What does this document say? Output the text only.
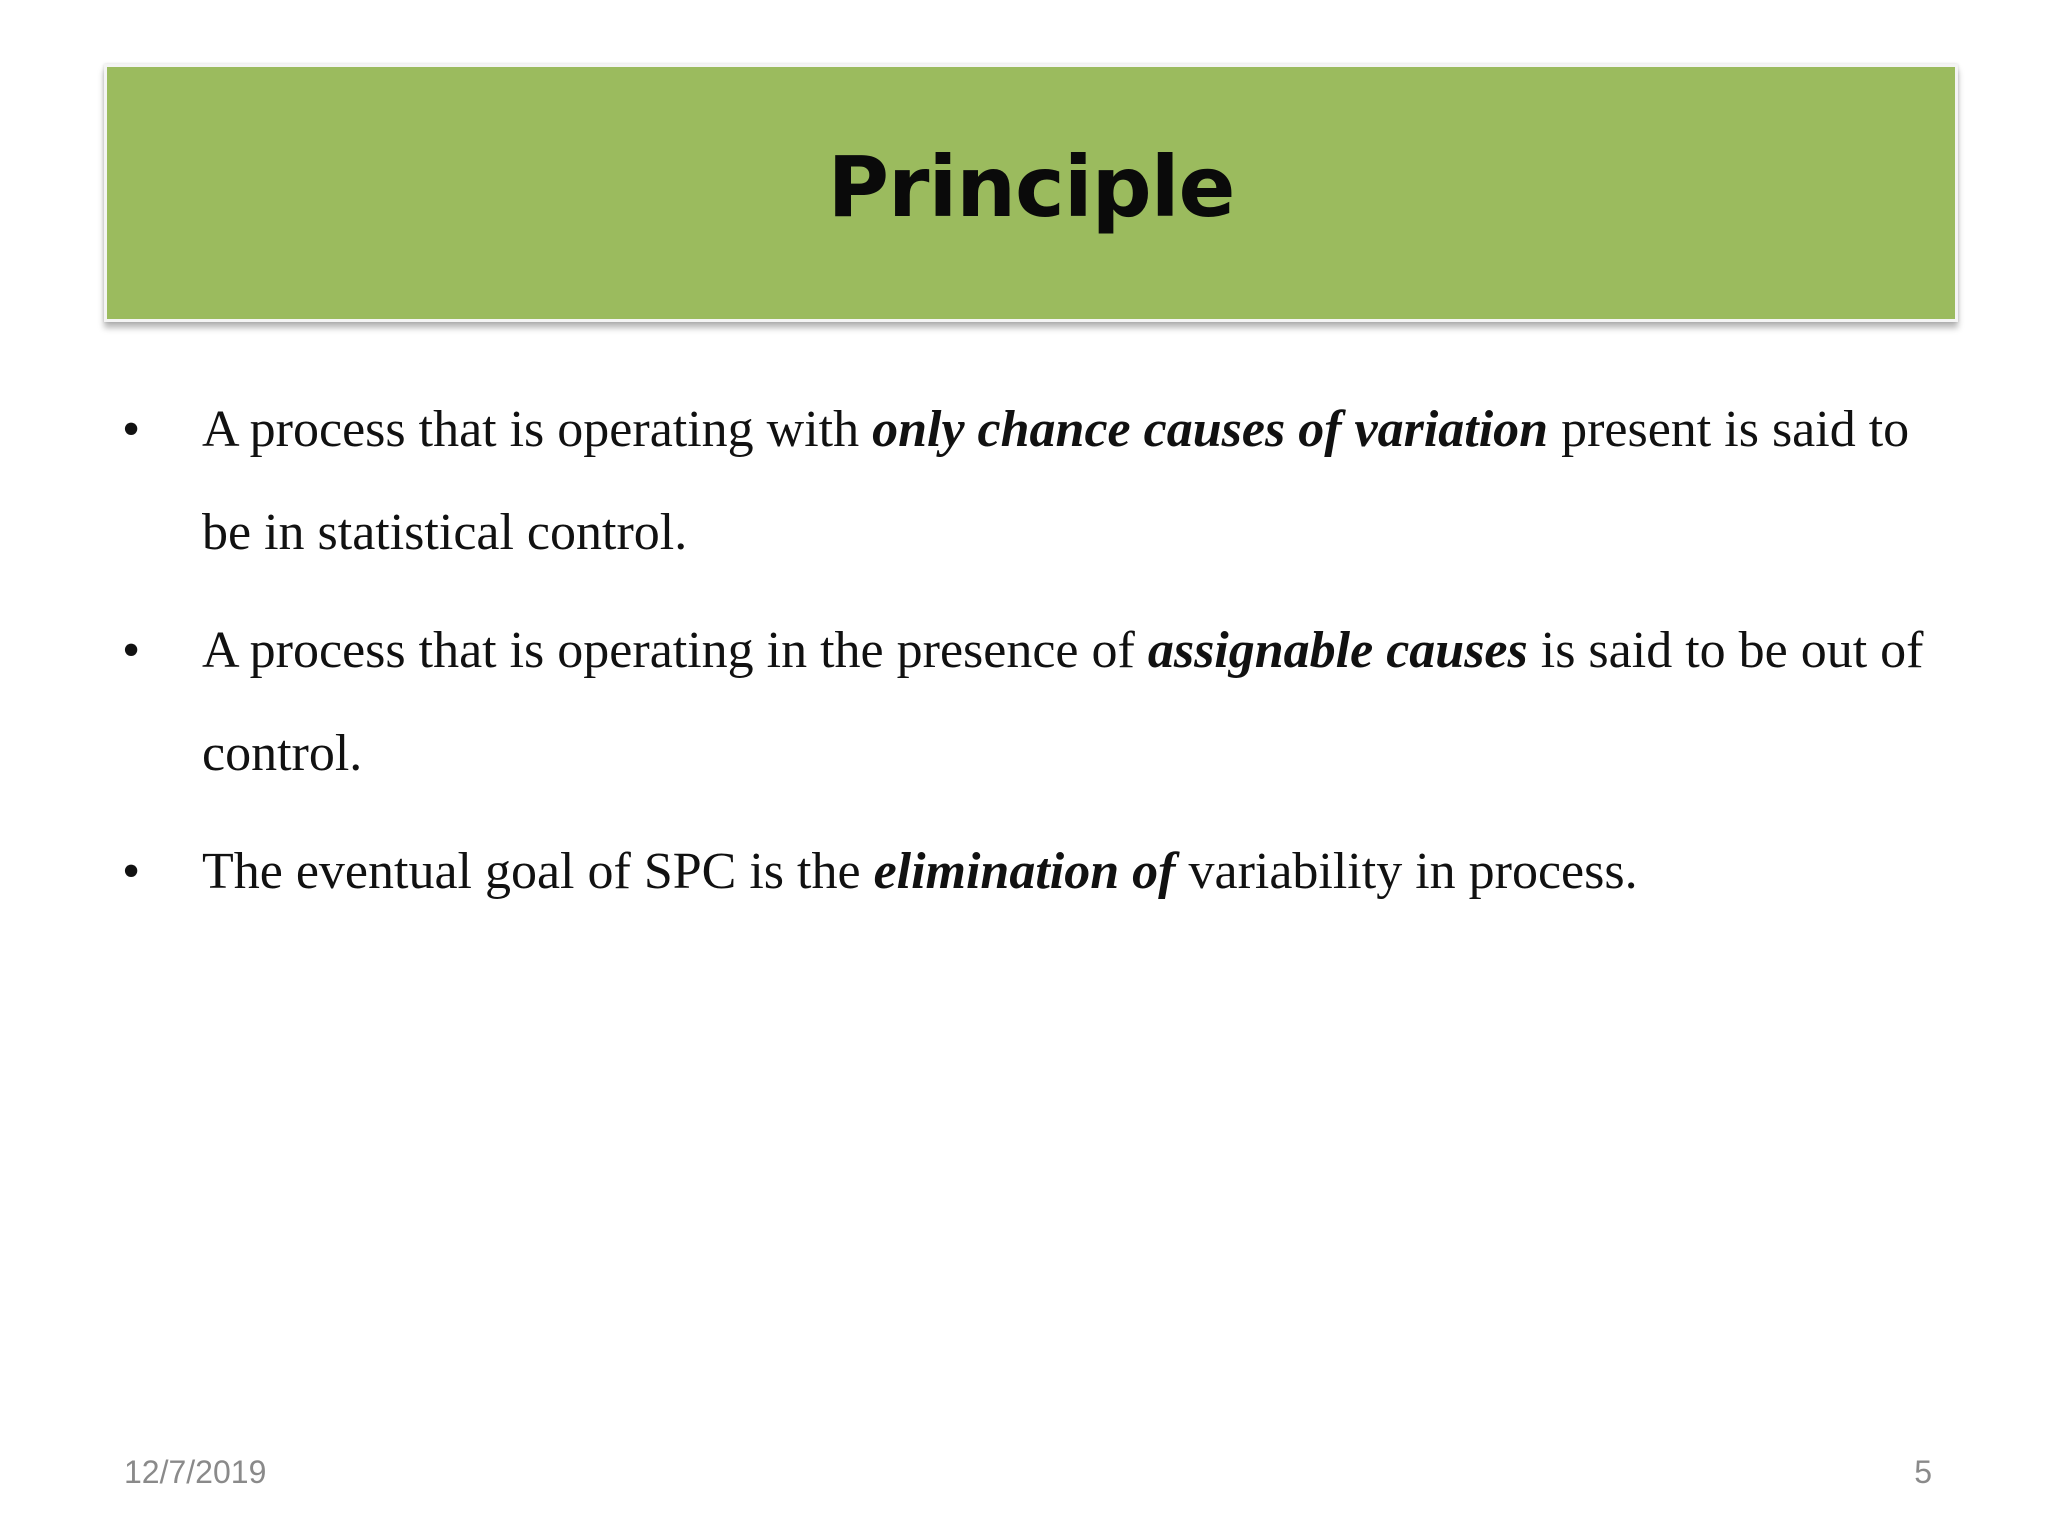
Principle
• A process that is operating with only chance causes of variation present is said to be in statistical control.
• A process that is operating in the presence of assignable causes is said to be out of control.
• The eventual goal of SPC is the elimination of variability in process.
12/7/2019	5
